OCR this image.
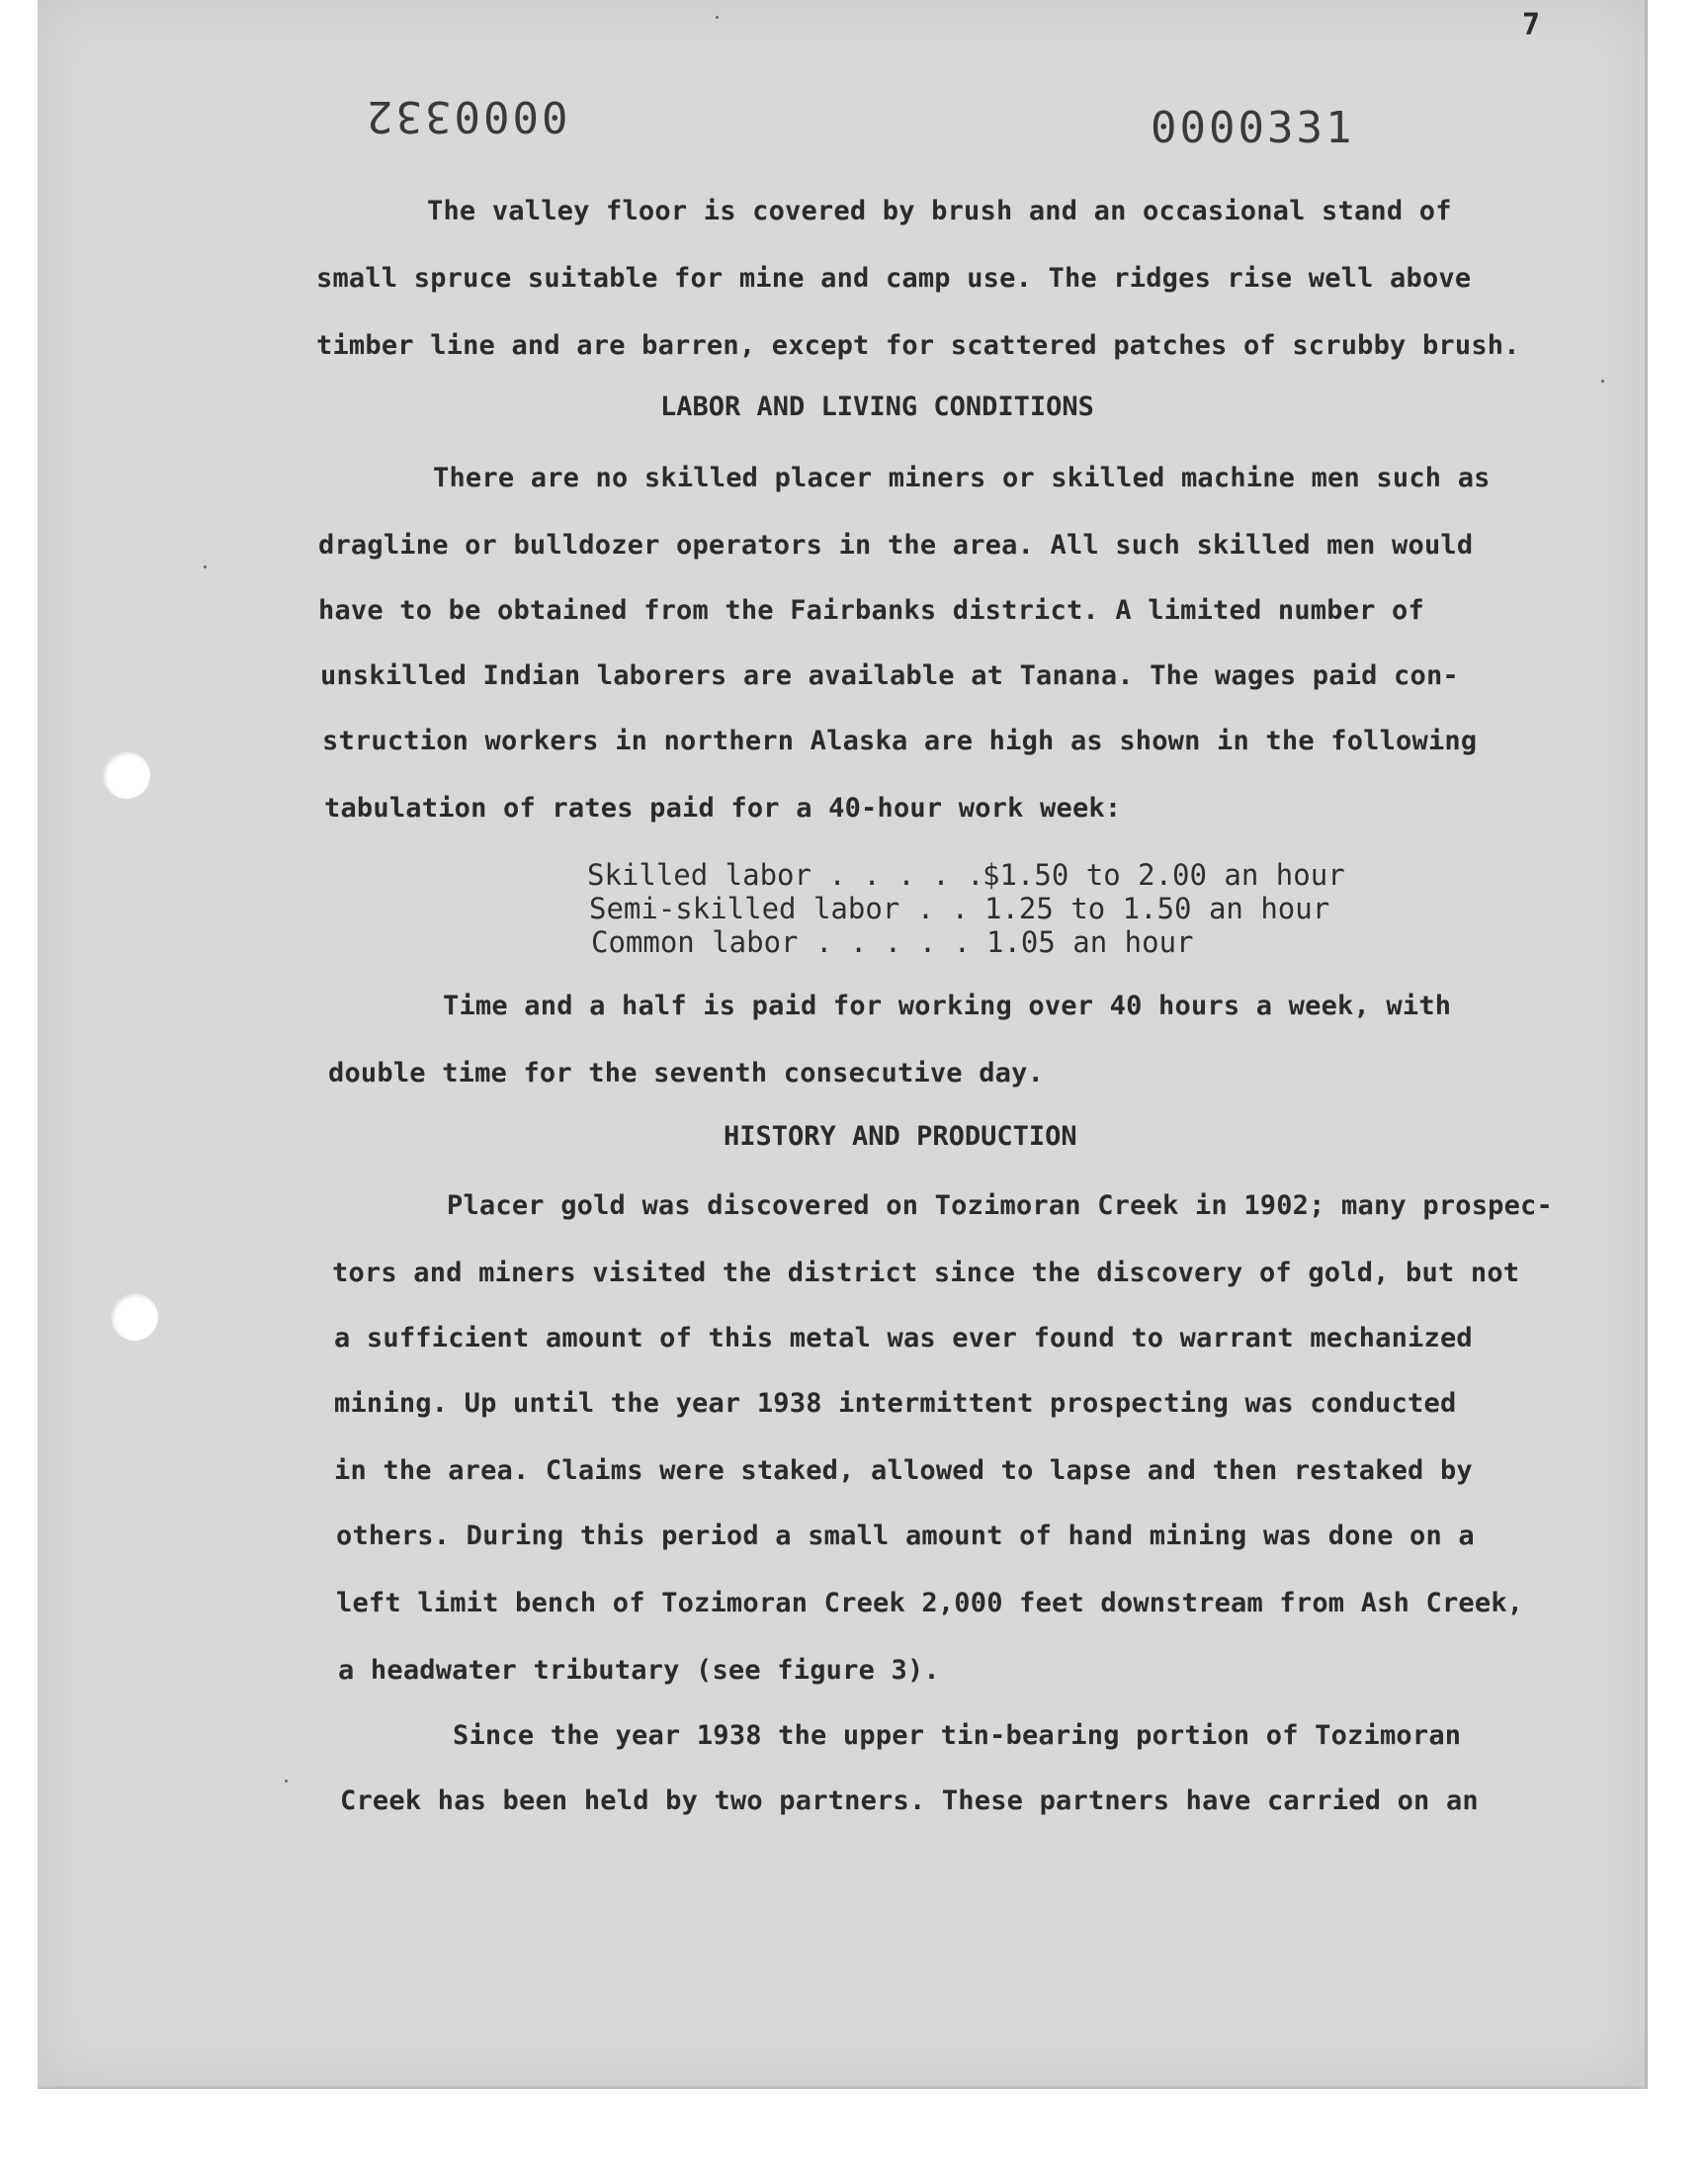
7
0000332	0000331
The valley floor is covered by brush and an occasional stand of
small spruce suitable for mine and camp use. The ridges rise well above
timber line and are barren, except for scattered patches of scrubby brush.
LABOR AND LIVING CONDITIONS
There are no skilled placer miners or skilled machine men such as
dragline or bulldozer operators in the area. All such skilled men would
have to be obtained from the Fairbanks district. A limited number of
unskilled Indian laborers are available at Tanana. The wages paid con-
struction workers in northern Alaska are high as shown in the following
tabulation of rates paid for a 40-hour work week:
Skilled labor . . . . .$1.50 to 2.00 an hour
Semi-skilled labor . .1.25 to 1.50 an hour
Common labor . . . . .1.05 an hour
Time and a half is paid for working over 40 hours a week, with
double time for the seventh consecutive day.
HISTORY AND PRODUCTION
Placer gold was discovered on Tozimoran Creek in 1902; many prospec-
tors and miners visited the district since the discovery of gold, but not
a sufficient amount of this metal was ever found to warrant mechanized
mining. Up until the year 1938 intermittent prospecting was conducted
in the area. Claims were staked, allowed to lapse and then restaked by
others. During this period a small amount of hand mining was done on a
left limit bench of Tozimoran Creek 2,000 feet downstream from Ash Creek,
a headwater tributary (see figure 3).
Since the year 1938 the upper tin-bearing portion of Tozimoran
Creek has been held by two partners. These partners have carried on an
